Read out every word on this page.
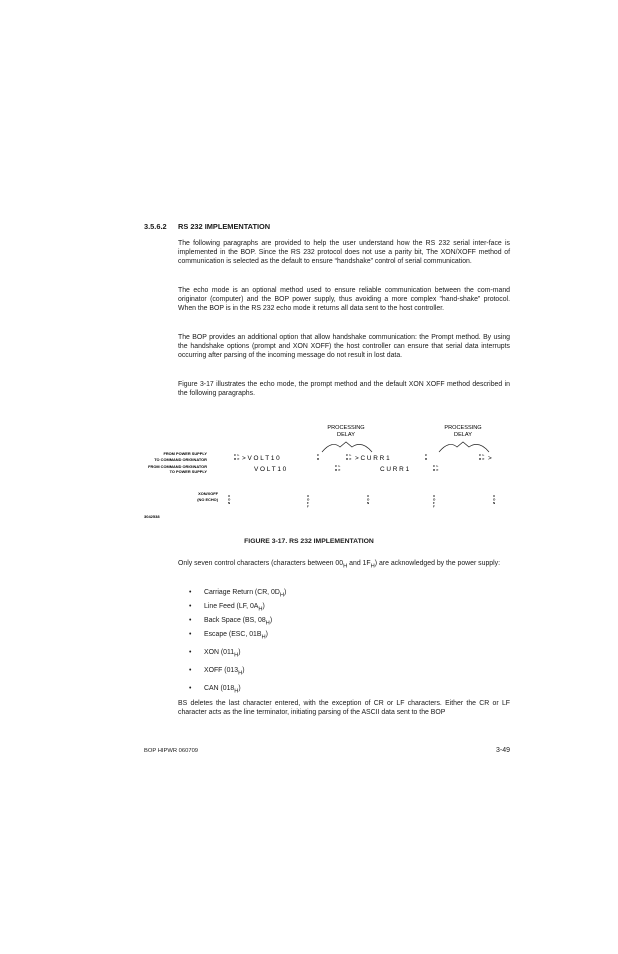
3.5.6.2 RS 232 IMPLEMENTATION

The following paragraphs are provided to help the user understand how the RS 232 serial inter-face is implemented in the BOP. Since the RS 232 protocol does not use a parity bit, The XON/XOFF method of communication is selected as the default to ensure “handshake” control of serial communication.

The echo mode is an optional method used to ensure reliable communication between the com-mand originator (computer) and the BOP power supply, thus avoiding a more complex “hand-shake” protocol. When the BOP is in the RS 232 echo mode it returns all data sent to the host controller.

The BOP provides an additional option that allow handshake communication: the Prompt method. By using the handshake options (prompt and XON XOFF) the host controller can ensure that serial data interrupts occurring after parsing of the incoming message do not result in lost data.

Figure 3-17 illustrates the echo mode, the prompt method and the default XON XOFF method described in the following paragraphs.

PROCESSING
DELAY
PROCESSING
DELAY
FROM POWER SUPPLY
TO COMMAND ORIGINATOR
FROM COMMAND ORIGINATOR
TO POWER SUPPLY
XON/XOFF
(NO ECHO)
C
R
L
F > V O L T 1 0	C
R
C
R
L
F > C U R R 1	C
R
C
R
L
F >
V O L T 1 0	C
R
L
F	C U R R 1	C
R
L
F
X
O
N
X
O
F
F
X
O
N
X
O
F
F
X
O
N
3042538
FIGURE 3-17. RS 232 IMPLEMENTATION

Only seven control characters (characters between $00_H$ and $1F_H$) are acknowledged by the power supply:

• Carriage Return (CR, $0D_H$)
• Line Feed (LF, $0A_H$)
• Back Space (BS, $08_H$)
• Escape (ESC, $01B_H$)
• XON $(011_H)$
• XOFF $(013_H)$
• CAN $(018_H)$

BS deletes the last character entered, with the exception of CR or LF characters. Either the CR or LF character acts as the line terminator, initiating parsing of the ASCII data sent to the BOP

BOP HIPWR 060709	3-49
